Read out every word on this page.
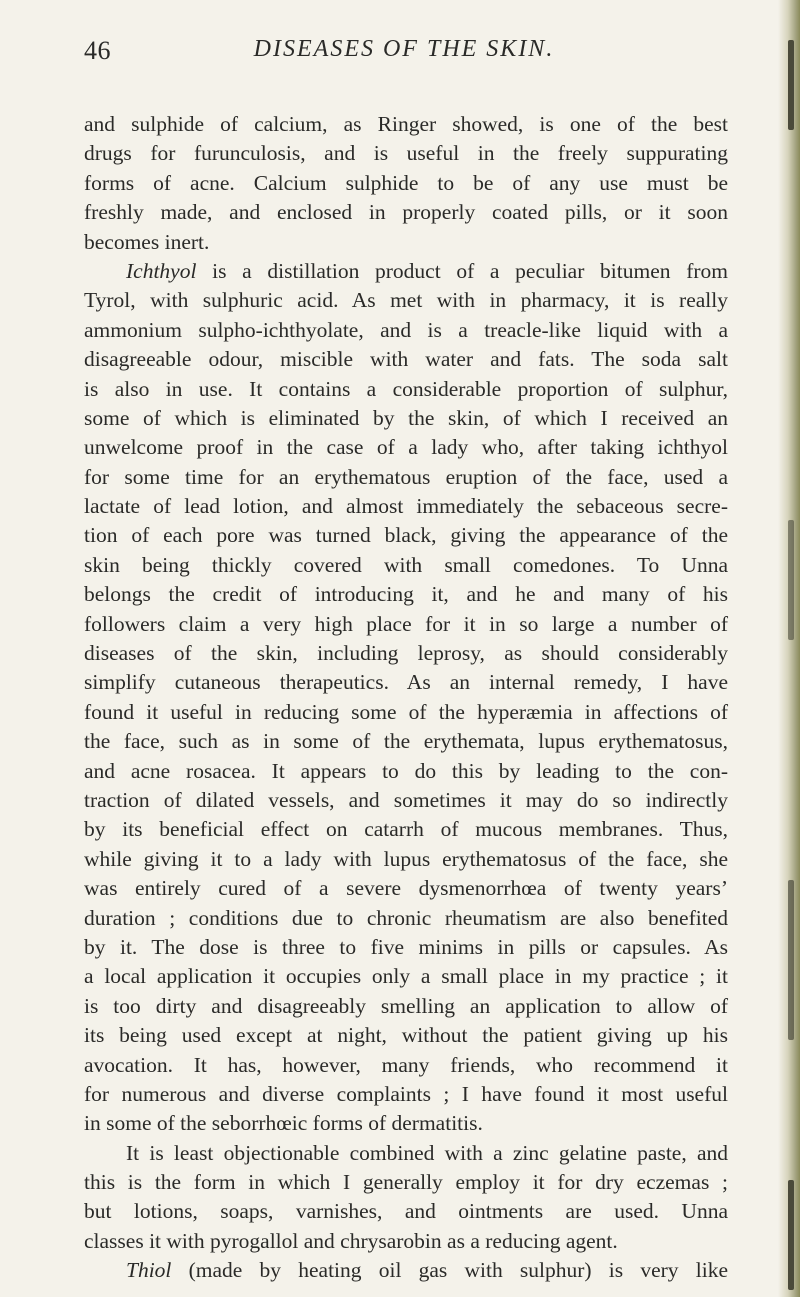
46	DISEASES OF THE SKIN.
and sulphide of calcium, as Ringer showed, is one of the best
drugs for furunculosis, and is useful in the freely suppurating
forms of acne. Calcium sulphide to be of any use must be
freshly made, and enclosed in properly coated pills, or it soon
becomes inert.
Ichthyol is a distillation product of a peculiar bitumen from
Tyrol, with sulphuric acid. As met with in pharmacy, it is really
ammonium sulpho-ichthyolate, and is a treacle-like liquid with a
disagreeable odour, miscible with water and fats. The soda salt
is also in use. It contains a considerable proportion of sulphur,
some of which is eliminated by the skin, of which I received an
unwelcome proof in the case of a lady who, after taking ichthyol
for some time for an erythematous eruption of the face, used a
lactate of lead lotion, and almost immediately the sebaceous secre-
tion of each pore was turned black, giving the appearance of the
skin being thickly covered with small comedones. To Unna
belongs the credit of introducing it, and he and many of his
followers claim a very high place for it in so large a number of
diseases of the skin, including leprosy, as should considerably
simplify cutaneous therapeutics. As an internal remedy, I have
found it useful in reducing some of the hyperæmia in affections of
the face, such as in some of the erythemata, lupus erythematosus,
and acne rosacea. It appears to do this by leading to the con-
traction of dilated vessels, and sometimes it may do so indirectly
by its beneficial effect on catarrh of mucous membranes. Thus,
while giving it to a lady with lupus erythematosus of the face, she
was entirely cured of a severe dysmenorrhœa of twenty years’
duration ; conditions due to chronic rheumatism are also benefited
by it. The dose is three to five minims in pills or capsules. As
a local application it occupies only a small place in my practice ; it
is too dirty and disagreeably smelling an application to allow of
its being used except at night, without the patient giving up his
avocation. It has, however, many friends, who recommend it
for numerous and diverse complaints ; I have found it most useful
in some of the seborrhœic forms of dermatitis.
It is least objectionable combined with a zinc gelatine paste, and
this is the form in which I generally employ it for dry eczemas ;
but lotions, soaps, varnishes, and ointments are used. Unna
classes it with pyrogallol and chrysarobin as a reducing agent.
Thiol (made by heating oil gas with sulphur) is very like
